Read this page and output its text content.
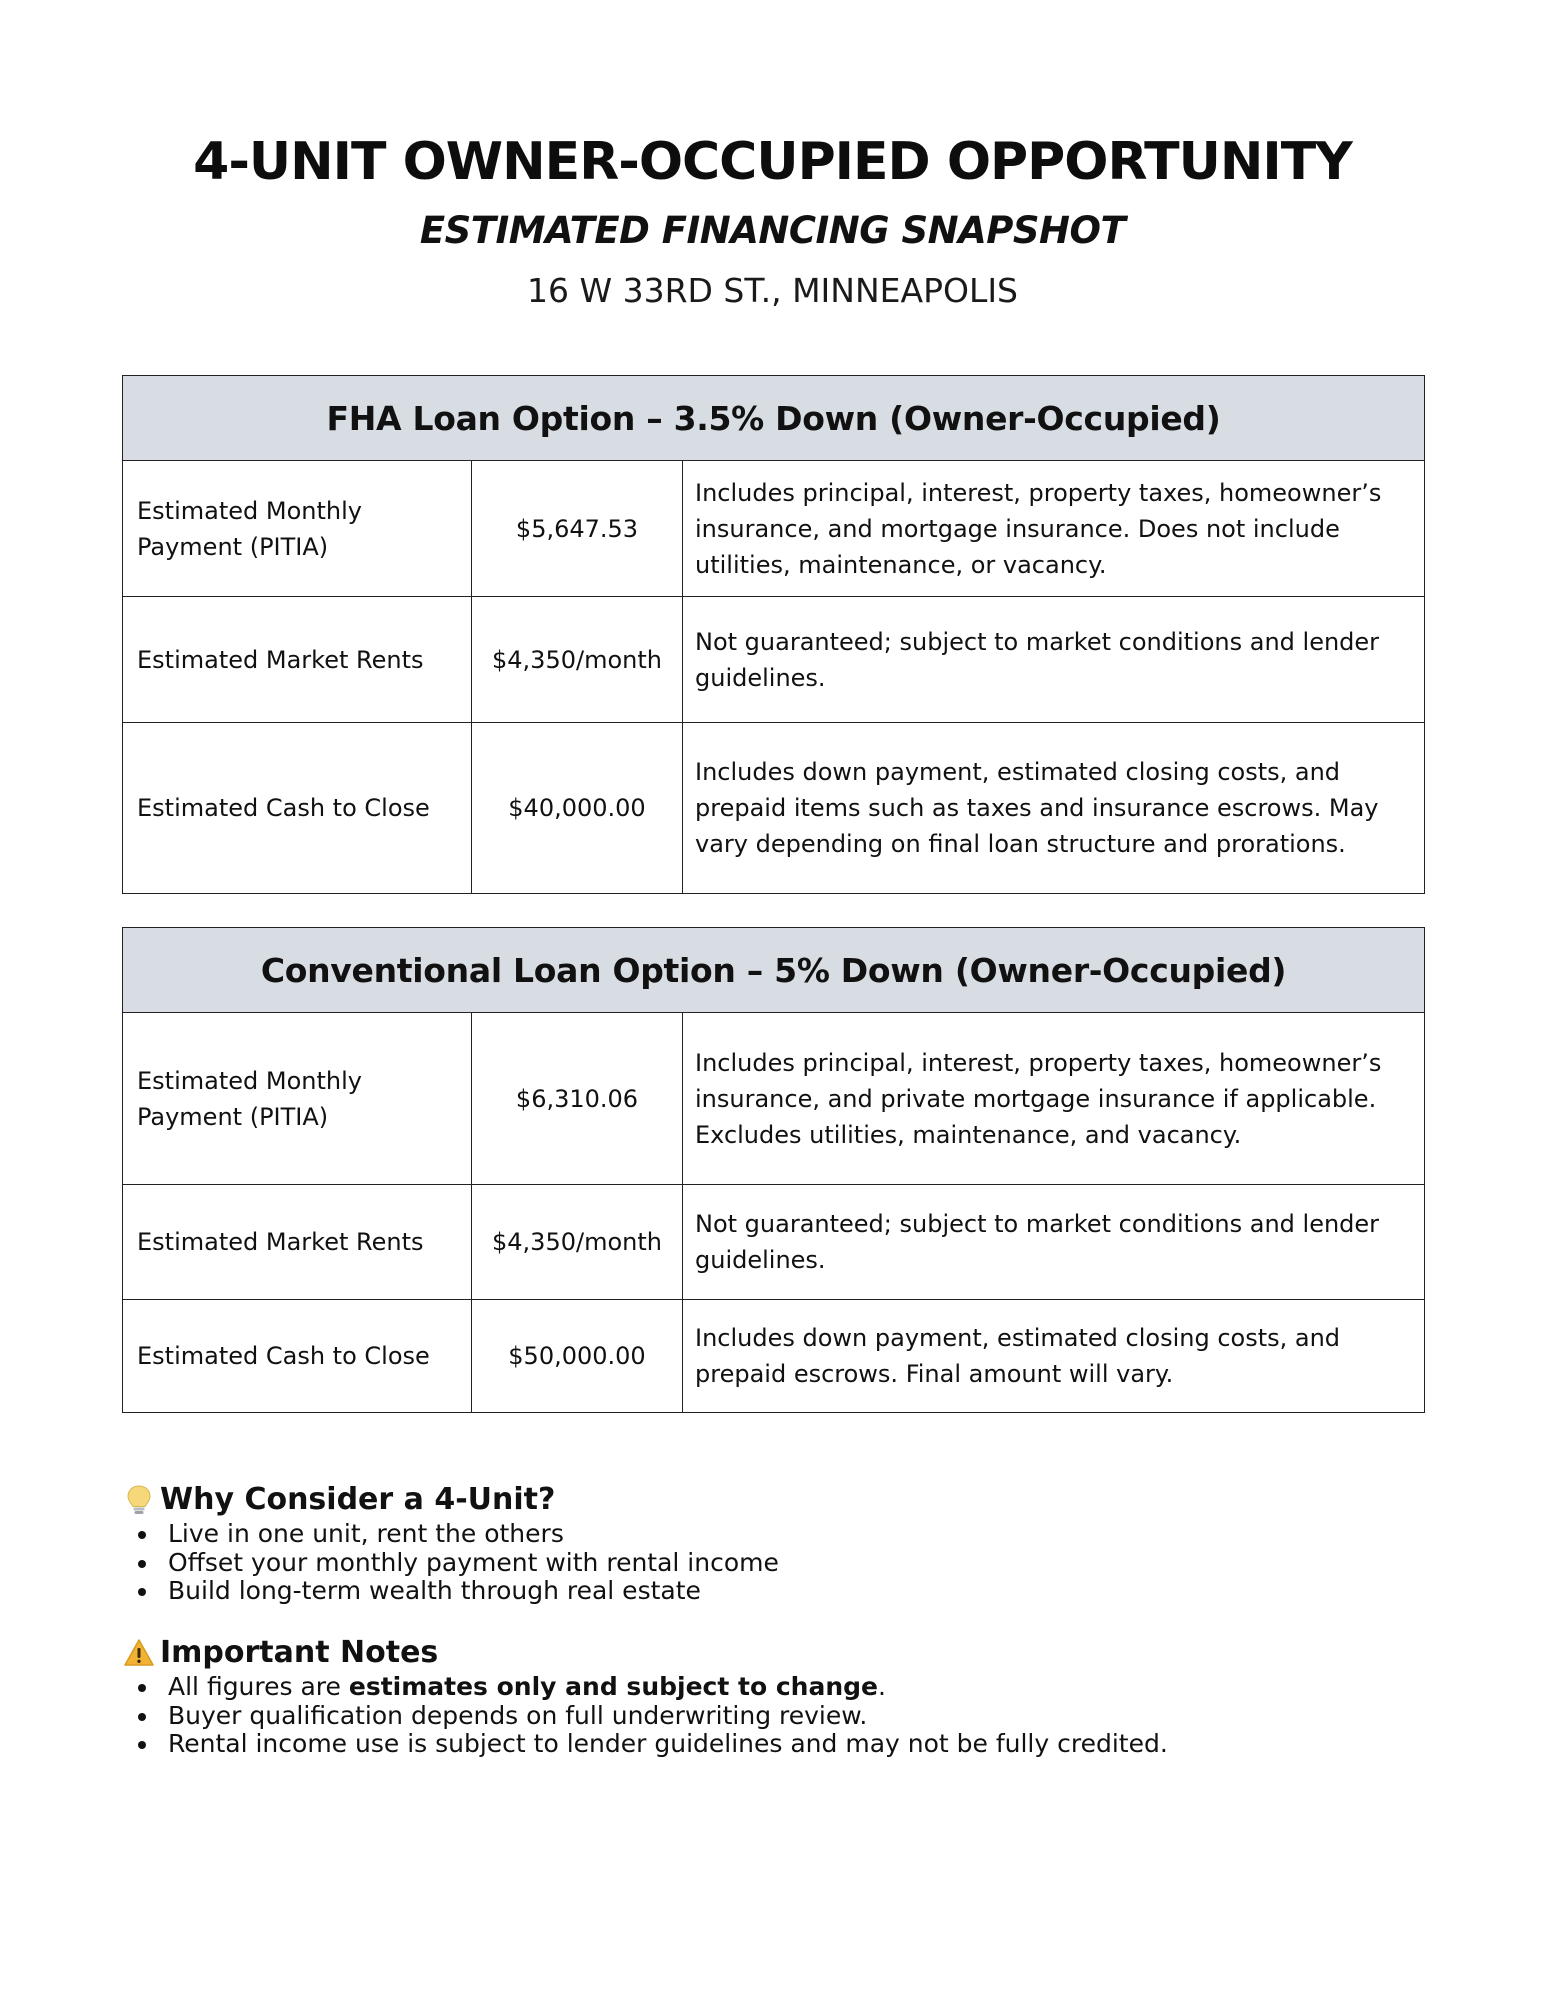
4-UNIT OWNER-OCCUPIED OPPORTUNITY

ESTIMATED FINANCING SNAPSHOT

16 W 33RD ST., MINNEAPOLIS

FHA Loan Option – 3.5% Down (Owner-Occupied)		
Estimated Monthly Payment (PITIA)	$5,647.53	Includes principal, interest, property taxes, homeowner’s insurance, and mortgage insurance. Does not include utilities, maintenance, or vacancy.
Estimated Market Rents	$4,350/month	Not guaranteed; subject to market conditions and lender guidelines.
Estimated Cash to Close	$40,000.00	Includes down payment, estimated closing costs, and prepaid items such as taxes and insurance escrows. May vary depending on final loan structure and prorations.
Conventional Loan Option – 5% Down (Owner-Occupied)		
Estimated Monthly Payment (PITIA)	$6,310.06	Includes principal, interest, property taxes, homeowner’s insurance, and private mortgage insurance if applicable. Excludes utilities, maintenance, and vacancy.
Estimated Market Rents	$4,350/month	Not guaranteed; subject to market conditions and lender guidelines.
Estimated Cash to Close	$50,000.00	Includes down payment, estimated closing costs, and prepaid escrows. Final amount will vary.
Why Consider a 4-Unit?
Live in one unit, rent the others
Offset your monthly payment with rental income
Build long-term wealth through real estate
Important Notes
All figures are estimates only and subject to change.
Buyer qualification depends on full underwriting review.
Rental income use is subject to lender guidelines and may not be fully credited.
